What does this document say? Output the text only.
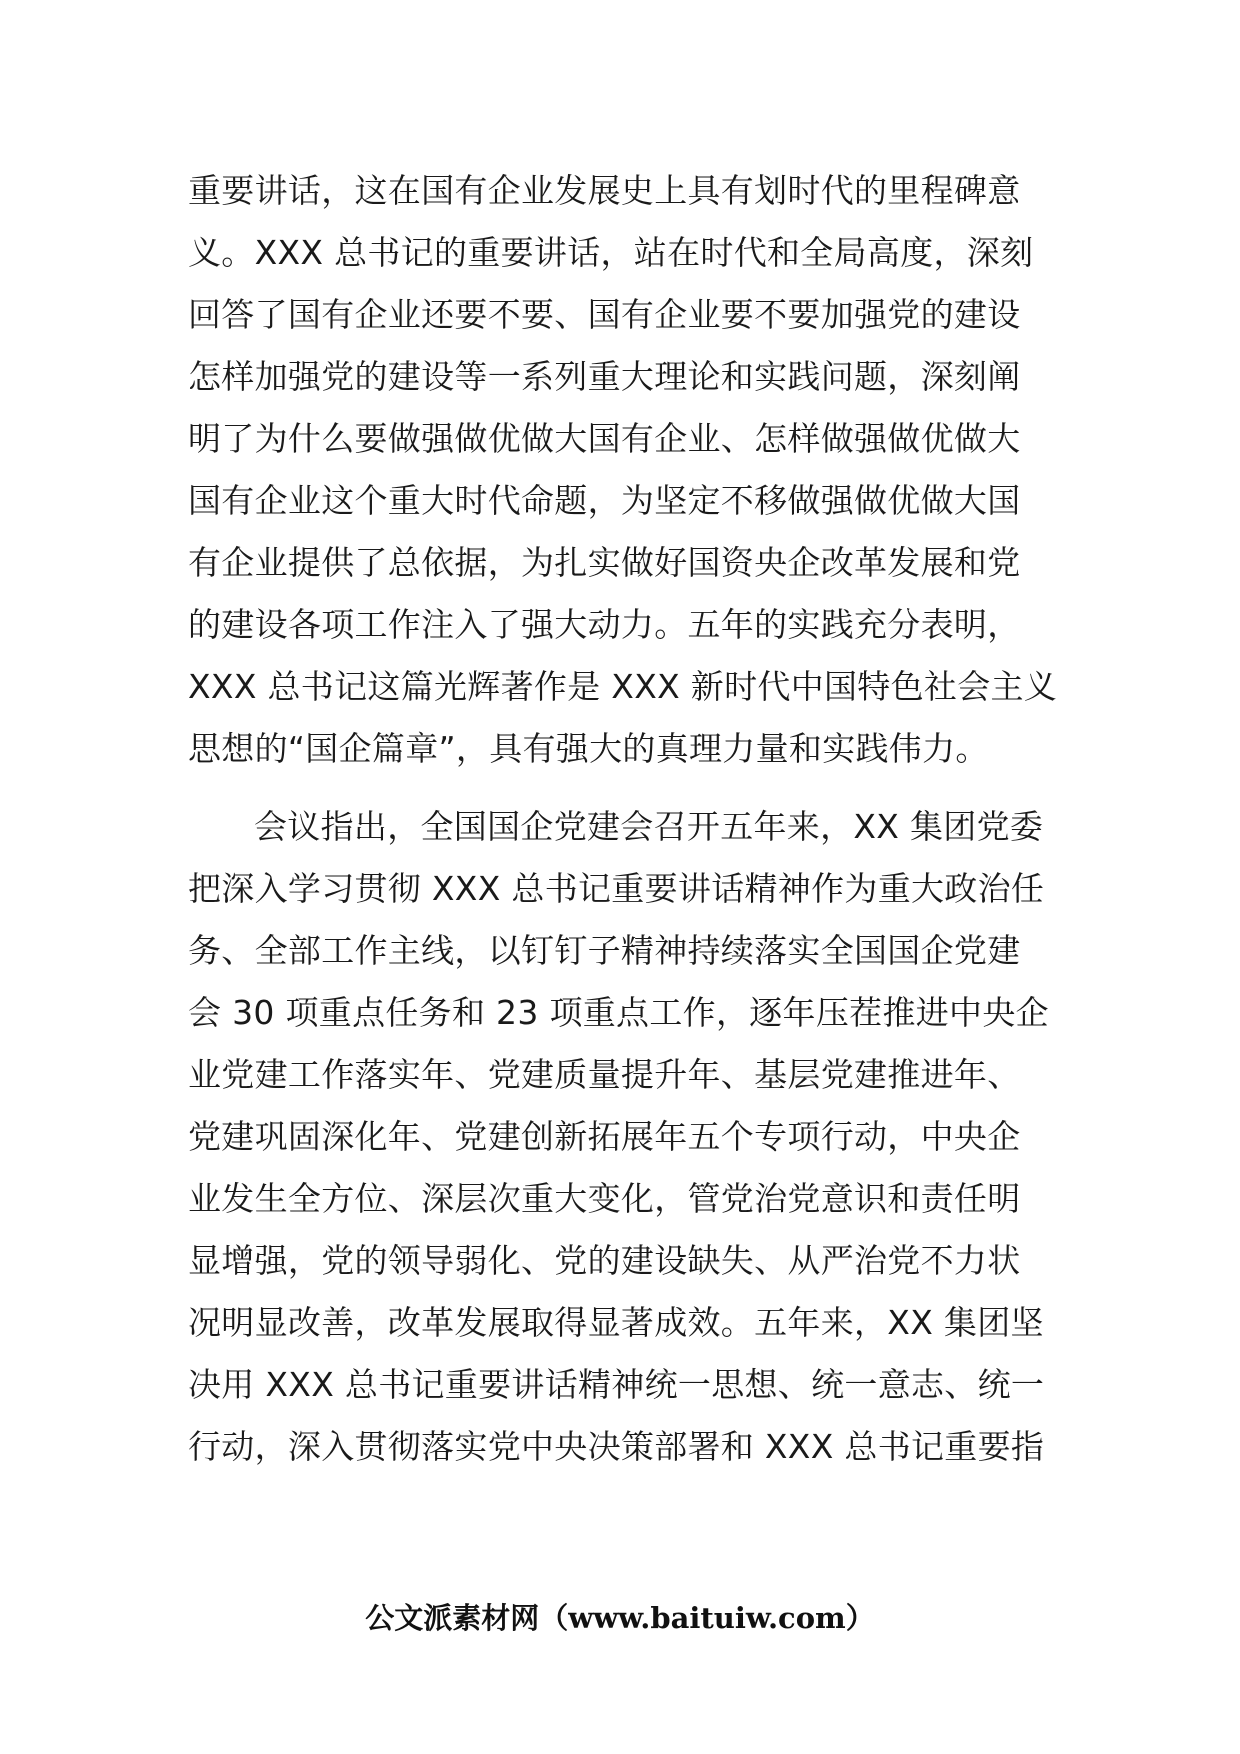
重要讲话，这在国有企业发展史上具有划时代的里程碑意
义。XXX 总书记的重要讲话，站在时代和全局高度，深刻
回答了国有企业还要不要、国有企业要不要加强党的建设
怎样加强党的建设等一系列重大理论和实践问题，深刻阐
明了为什么要做强做优做大国有企业、怎样做强做优做大
国有企业这个重大时代命题，为坚定不移做强做优做大国
有企业提供了总依据，为扎实做好国资央企改革发展和党
的建设各项工作注入了强大动力。五年的实践充分表明，
XXX 总书记这篇光辉著作是 XXX 新时代中国特色社会主义
思想的“国企篇章”，具有强大的真理力量和实践伟力。
会议指出，全国国企党建会召开五年来，XX 集团党委
把深入学习贯彻 XXX 总书记重要讲话精神作为重大政治任
务、全部工作主线，以钉钉子精神持续落实全国国企党建
会 30 项重点任务和 23 项重点工作，逐年压茬推进中央企
业党建工作落实年、党建质量提升年、基层党建推进年、
党建巩固深化年、党建创新拓展年五个专项行动，中央企
业发生全方位、深层次重大变化，管党治党意识和责任明
显增强，党的领导弱化、党的建设缺失、从严治党不力状
况明显改善，改革发展取得显著成效。五年来，XX 集团坚
决用 XXX 总书记重要讲话精神统一思想、统一意志、统一
行动，深入贯彻落实党中央决策部署和 XXX 总书记重要指
公文派素材网（www.baituiw.com）
